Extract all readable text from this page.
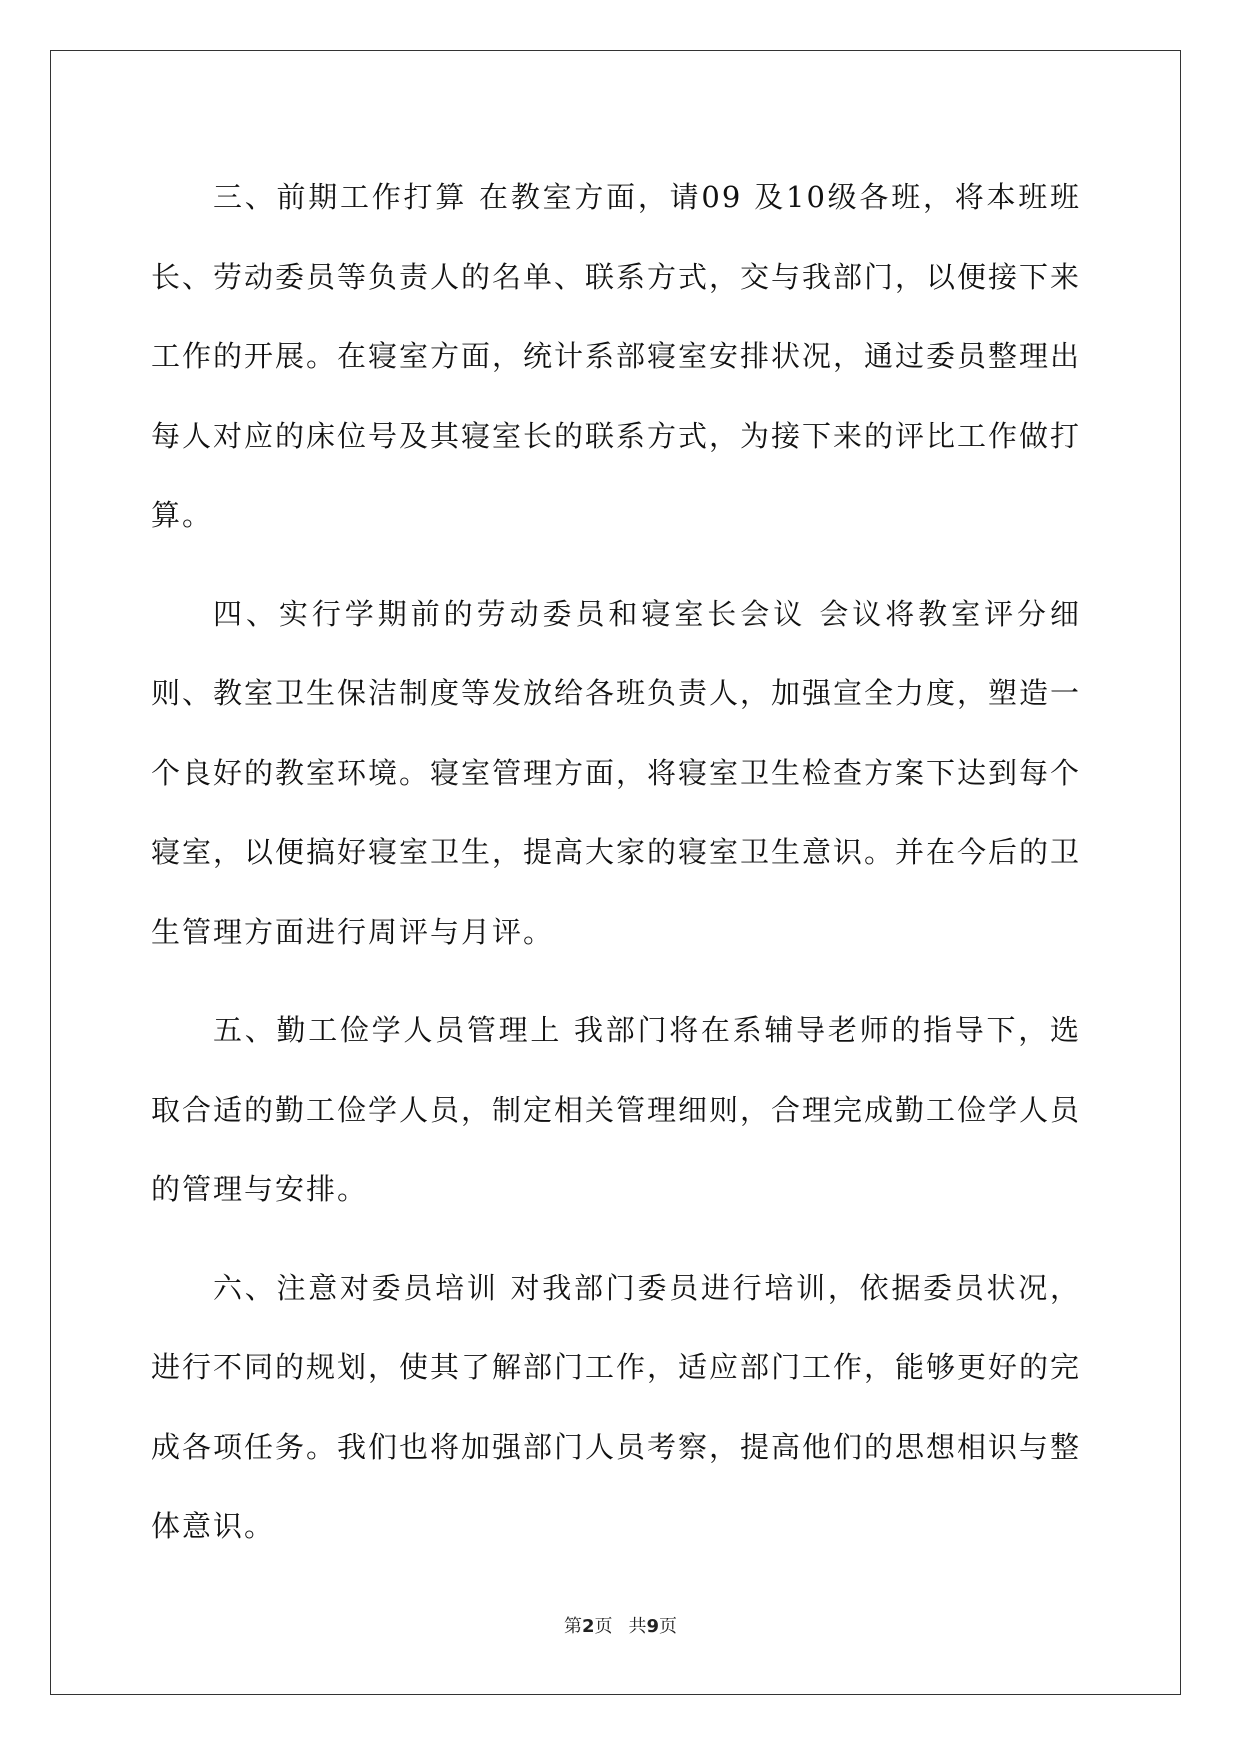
三、前期工作打算 在教室方面，请09 及10级各班，将本班班长、劳动委员等负责人的名单、联系方式，交与我部门，以便接下来工作的开展。在寝室方面，统计系部寝室安排状况，通过委员整理出每人对应的床位号及其寝室长的联系方式，为接下来的评比工作做打算。

四、实行学期前的劳动委员和寝室长会议 会议将教室评分细则、教室卫生保洁制度等发放给各班负责人，加强宣全力度，塑造一个良好的教室环境。寝室管理方面，将寝室卫生检查方案下达到每个寝室，以便搞好寝室卫生，提高大家的寝室卫生意识。并在今后的卫生管理方面进行周评与月评。

五、勤工俭学人员管理上 我部门将在系辅导老师的指导下，选取合适的勤工俭学人员，制定相关管理细则，合理完成勤工俭学人员的管理与安排。

六、注意对委员培训 对我部门委员进行培训，依据委员状况，进行不同的规划，使其了解部门工作，适应部门工作，能够更好的完成各项任务。我们也将加强部门人员考察，提高他们的思想相识与整体意识。

第2页 共9页
